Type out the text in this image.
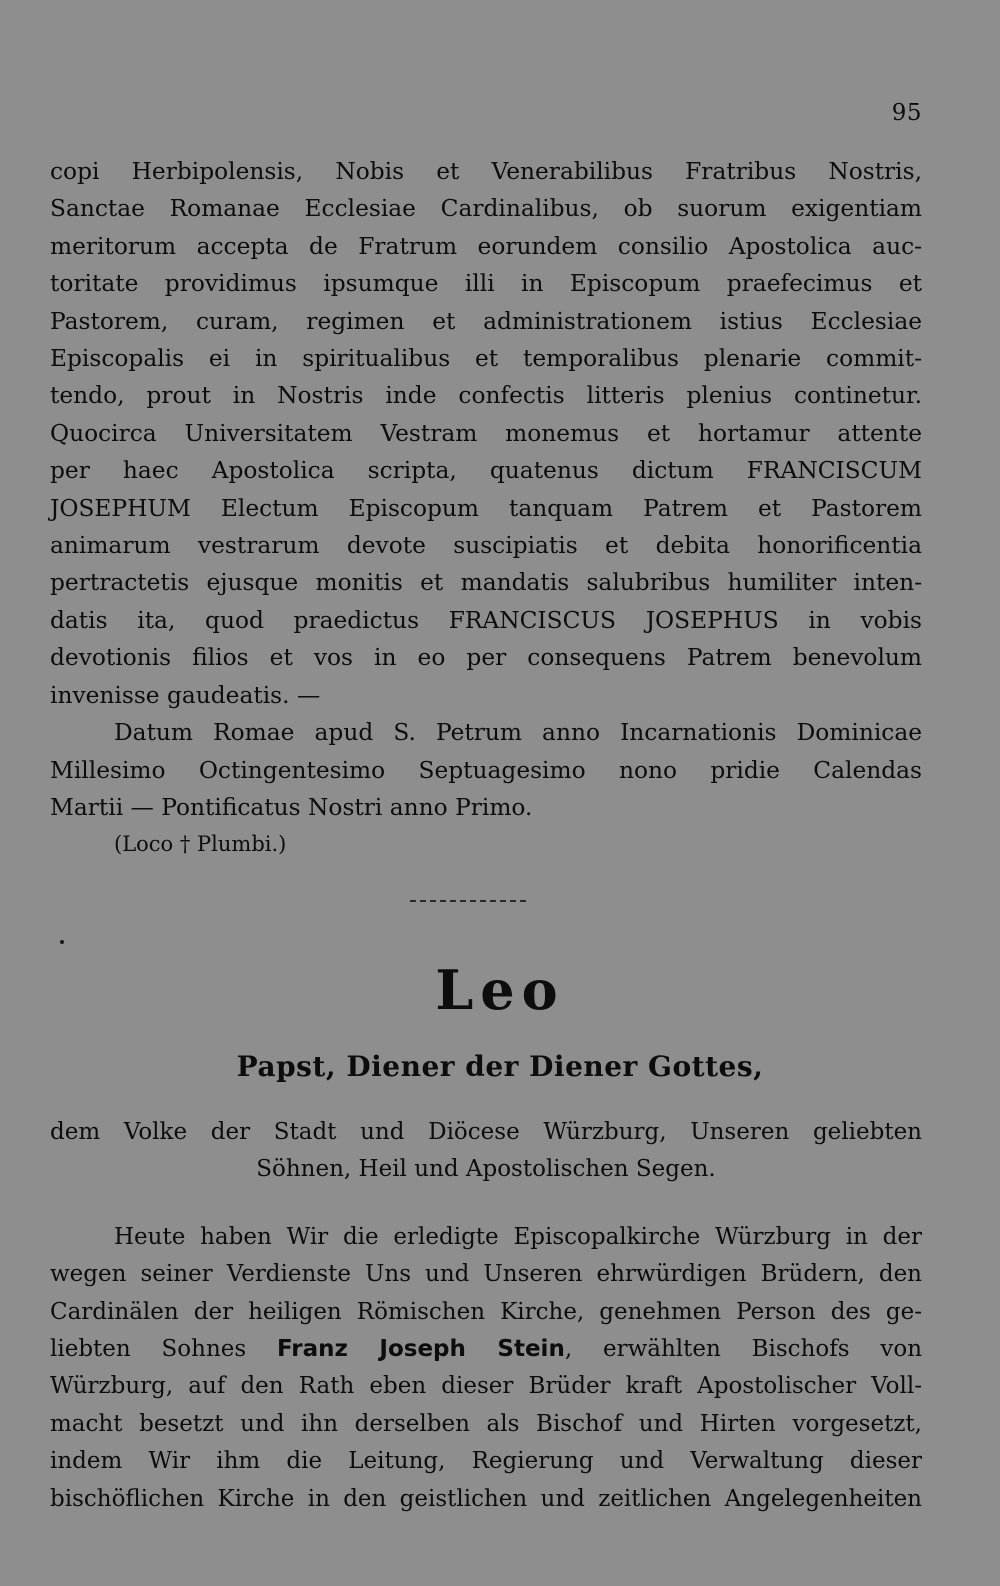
95
copi Herbipolensis, Nobis et Venerabilibus Fratribus Nostris,
Sanctae Romanae Ecclesiae Cardinalibus, ob suorum exigentiam
meritorum accepta de Fratrum eorundem consilio Apostolica auc-
toritate providimus ipsumque illi in Episcopum praefecimus et
Pastorem, curam, regimen et administrationem istius Ecclesiae
Episcopalis ei in spiritualibus et temporalibus plenarie commit-
tendo, prout in Nostris inde confectis litteris plenius continetur.
Quocirca Universitatem Vestram monemus et hortamur attente
per haec Apostolica scripta, quatenus dictum FRANCISCUM
JOSEPHUM Electum Episcopum tanquam Patrem et Pastorem
animarum vestrarum devote suscipiatis et debita honorificentia
pertractetis ejusque monitis et mandatis salubribus humiliter inten-
datis ita, quod praedictus FRANCISCUS JOSEPHUS in vobis
devotionis filios et vos in eo per consequens Patrem benevolum
invenisse gaudeatis. —
Datum Romae apud S. Petrum anno Incarnationis Dominicae
Millesimo Octingentesimo Septuagesimo nono pridie Calendas
Martii — Pontificatus Nostri anno Primo.
(Loco † Plumbi.)
Leo
Papst, Diener der Diener Gottes,
dem Volke der Stadt und Diöcese Würzburg, Unseren geliebten
Söhnen, Heil und Apostolischen Segen.
Heute haben Wir die erledigte Episcopalkirche Würzburg in der
wegen seiner Verdienste Uns und Unseren ehrwürdigen Brüdern, den
Cardinälen der heiligen Römischen Kirche, genehmen Person des ge-
liebten Sohnes Franz Joseph Stein, erwählten Bischofs von
Würzburg, auf den Rath eben dieser Brüder kraft Apostolischer Voll-
macht besetzt und ihn derselben als Bischof und Hirten vorgesetzt,
indem Wir ihm die Leitung, Regierung und Verwaltung dieser
bischöflichen Kirche in den geistlichen und zeitlichen Angelegenheiten
